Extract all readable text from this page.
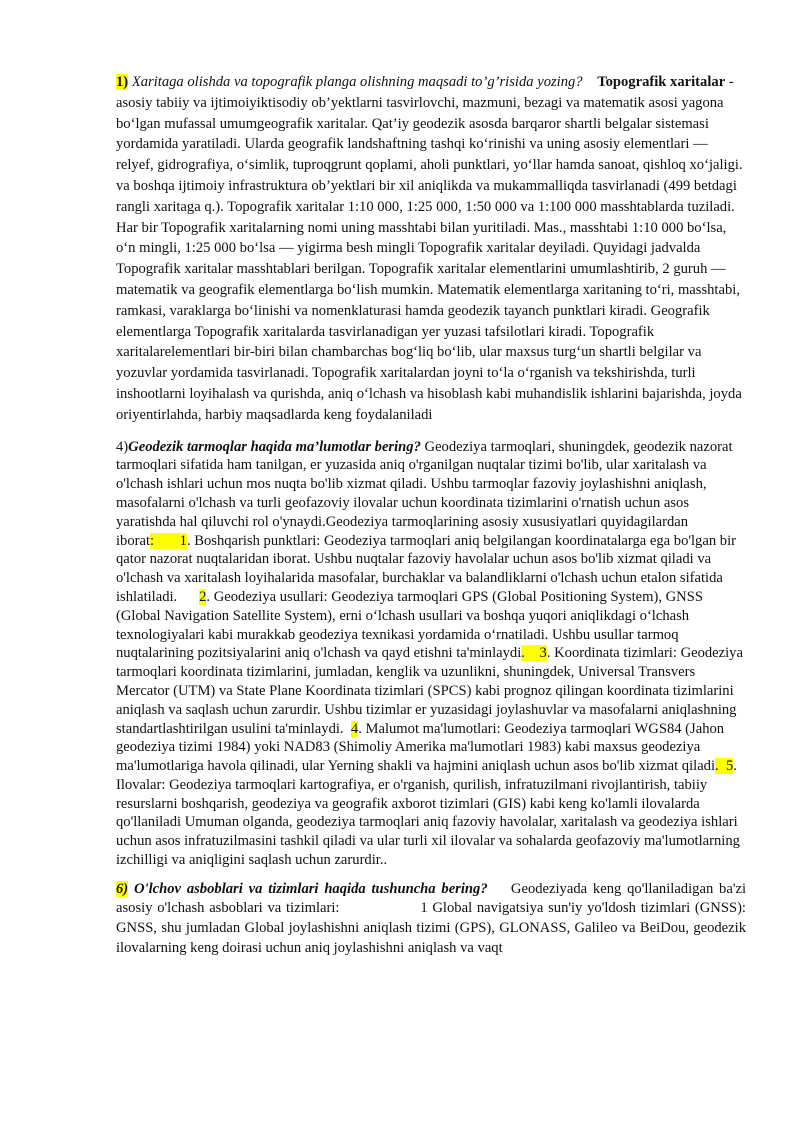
1) Xaritaga olishda va topografik planga olishning maqsadi to’g’risida yozing? Topografik xaritalar - asosiy tabiiy va ijtimoiyiktisodiy ob’yektlarni tasvirlovchi, mazmuni, bezagi va matematik asosi yagona bo‘lgan mufassal umumgeografik xaritalar. Qat’iy geodezik asosda barqaror shartli belgalar sistemasi yordamida yaratiladi. Ularda geografik landshaftning tashqi ko‘rinishi va uning asosiy elementlari — relyef, gidrografiya, o‘simlik, tuproqgrunt qoplami, aholi punktlari, yo‘llar hamda sanoat, qishloq xo‘jaligi. va boshqa ijtimoiy infrastruktura ob’yektlari bir xil aniqlikda va mukammalliqda tasvirlanadi (499 betdagi rangli xaritaga q.). Topografik xaritalar 1:10 000, 1:25 000, 1:50 000 va 1:100 000 masshtablarda tuziladi. Har bir Topografik xaritalarning nomi uning masshtabi bilan yuritiladi. Mas., masshtabi 1:10 000 bo‘lsa, o‘n mingli, 1:25 000 bo‘lsa — yigirma besh mingli Topografik xaritalar deyiladi. Quyidagi jadvalda Topografik xaritalar masshtablari berilgan. Topografik xaritalar elementlarini umumlashtirib, 2 guruh — matematik va geografik elementlarga bo‘lish mumkin. Matematik elementlarga xaritaning to‘ri, masshtabi, ramkasi, varaklarga bo‘linishi va nomenklaturasi hamda geodezik tayanch punktlari kiradi. Geografik elementlarga Topografik xaritalarda tasvirlanadigan yer yuzasi tafsilotlari kiradi. Topografik xaritalarelementlari bir-biri bilan chambarchas bog‘liq bo‘lib, ular maxsus turg‘un shartli belgilar va yozuvlar yordamida tasvirlanadi. Topografik xaritalardan joyni to‘la o‘rganish va tekshirishda, turli inshootlarni loyihalash va qurishda, aniq o‘lchash va hisoblash kabi muhandislik ishlarini bajarishda, joyda oriyentirlahda, harbiy maqsadlarda keng foydalaniladi

4)Geodezik tarmoqlar haqida ma’lumotlar bering? Geodeziya tarmoqlari, shuningdek, geodezik nazorat tarmoqlari sifatida ham tanilgan, er yuzasida aniq o'rganilgan nuqtalar tizimi bo'lib, ular xaritalash va o'lchash ishlari uchun mos nuqta bo'lib xizmat qiladi. Ushbu tarmoqlar fazoviy joylashishni aniqlash, masofalarni o'lchash va turli geofazoviy ilovalar uchun koordinata tizimlarini o'rnatish uchun asos yaratishda hal qiluvchi rol o'ynaydi.Geodeziya tarmoqlarining asosiy xususiyatlari quyidagilardan iborat:       1. Boshqarish punktlari: Geodeziya tarmoqlari aniq belgilangan koordinatalarga ega bo'lgan bir qator nazorat nuqtalaridan iborat. Ushbu nuqtalar fazoviy havolalar uchun asos bo'lib xizmat qiladi va o'lchash va xaritalash loyihalarida masofalar, burchaklar va balandliklarni o'lchash uchun etalon sifatida ishlatiladi.      2. Geodeziya usullari: Geodeziya tarmoqlari GPS (Global Positioning System), GNSS (Global Navigation Satellite System), erni o‘lchash usullari va boshqa yuqori aniqlikdagi o‘lchash texnologiyalari kabi murakkab geodeziya texnikasi yordamida o‘rnatiladi. Ushbu usullar tarmoq nuqtalarining pozitsiyalarini aniq o'lchash va qayd etishni ta'minlaydi.    3. Koordinata tizimlari: Geodeziya tarmoqlari koordinata tizimlarini, jumladan, kenglik va uzunlikni, shuningdek, Universal Transvers Mercator (UTM) va State Plane Koordinata tizimlari (SPCS) kabi prognoz qilingan koordinata tizimlarini aniqlash va saqlash uchun zarurdir. Ushbu tizimlar er yuzasidagi joylashuvlar va masofalarni aniqlashning standartlashtirilgan usulini ta'minlaydi.  4. Malumot ma'lumotlari: Geodeziya tarmoqlari WGS84 (Jahon geodeziya tizimi 1984) yoki NAD83 (Shimoliy Amerika ma'lumotlari 1983) kabi maxsus geodeziya ma'lumotlariga havola qilinadi, ular Yerning shakli va hajmini aniqlash uchun asos bo'lib xizmat qiladi.  5. Ilovalar: Geodeziya tarmoqlari kartografiya, er o'rganish, qurilish, infratuzilmani rivojlantirish, tabiiy resurslarni boshqarish, geodeziya va geografik axborot tizimlari (GIS) kabi keng ko'lamli ilovalarda qo'llaniladi Umuman olganda, geodeziya tarmoqlari aniq fazoviy havolalar, xaritalash va geodeziya ishlari uchun asos infratuzilmasini tashkil qiladi va ular turli xil ilovalar va sohalarda geofazoviy ma'lumotlarning izchilligi va aniqligini saqlash uchun zarurdir..

6) O'lchov asboblari va tizimlari haqida tushuncha bering?    Geodeziyada keng qo'llaniladigan ba'zi asosiy o'lchash asboblari va tizimlari:                 1 Global navigatsiya sun'iy yo'ldosh tizimlari (GNSS): GNSS, shu jumladan Global joylashishni aniqlash tizimi (GPS), GLONASS, Galileo va BeiDou, geodezik ilovalarning keng doirasi uchun aniq joylashishni aniqlash va vaqt
